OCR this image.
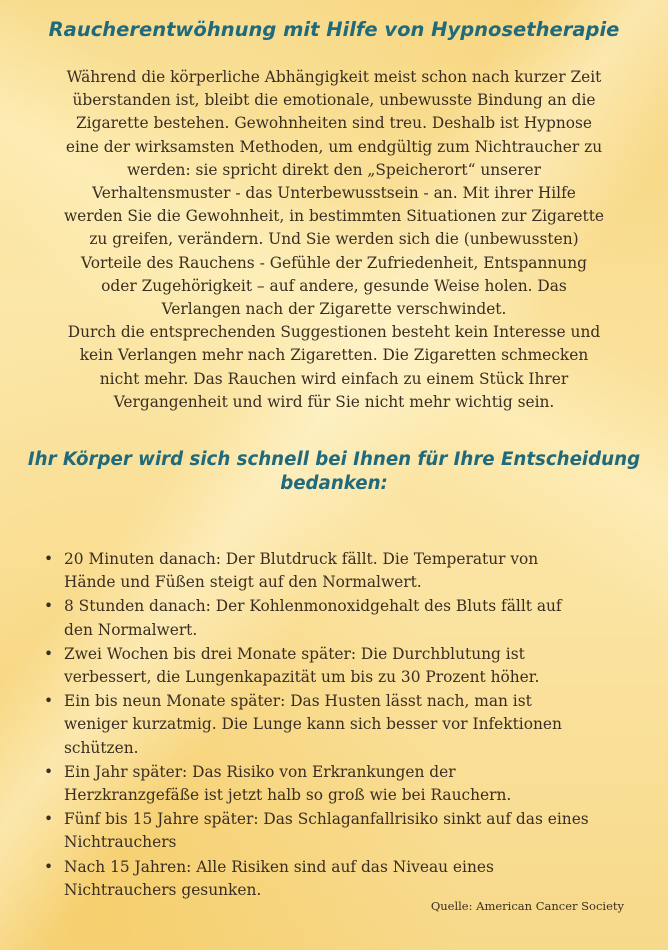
Raucherentwöhnung mit Hilfe von Hypnosetherapie
Während die körperliche Abhängigkeit meist schon nach kurzer Zeit
überstanden ist, bleibt die emotionale, unbewusste Bindung an die
Zigarette bestehen. Gewohnheiten sind treu. Deshalb ist Hypnose
eine der wirksamsten Methoden, um endgültig zum Nichtraucher zu
werden: sie spricht direkt den „Speicherort“ unserer
Verhaltensmuster - das Unterbewusstsein - an. Mit ihrer Hilfe
werden Sie die Gewohnheit, in bestimmten Situationen zur Zigarette
zu greifen, verändern. Und Sie werden sich die (unbewussten)
Vorteile des Rauchens - Gefühle der Zufriedenheit, Entspannung
oder Zugehörigkeit – auf andere, gesunde Weise holen. Das
Verlangen nach der Zigarette verschwindet.
Durch die entsprechenden Suggestionen besteht kein Interesse und
kein Verlangen mehr nach Zigaretten. Die Zigaretten schmecken
nicht mehr. Das Rauchen wird einfach zu einem Stück Ihrer
Vergangenheit und wird für Sie nicht mehr wichtig sein.
Ihr Körper wird sich schnell bei Ihnen für Ihre Entscheidung
bedanken:
• 20 Minuten danach: Der Blutdruck fällt. Die Temperatur von
Hände und Füßen steigt auf den Normalwert.
• 8 Stunden danach: Der Kohlenmonoxidgehalt des Bluts fällt auf
den Normalwert.
• Zwei Wochen bis drei Monate später: Die Durchblutung ist
verbessert, die Lungenkapazität um bis zu 30 Prozent höher.
• Ein bis neun Monate später: Das Husten lässt nach, man ist
weniger kurzatmig. Die Lunge kann sich besser vor Infektionen
schützen.
• Ein Jahr später: Das Risiko von Erkrankungen der
Herzkranzgefäße ist jetzt halb so groß wie bei Rauchern.
• Fünf bis 15 Jahre später: Das Schlaganfallrisiko sinkt auf das eines
Nichtrauchers
• Nach 15 Jahren: Alle Risiken sind auf das Niveau eines
Nichtrauchers gesunken.

Quelle: American Cancer Society
